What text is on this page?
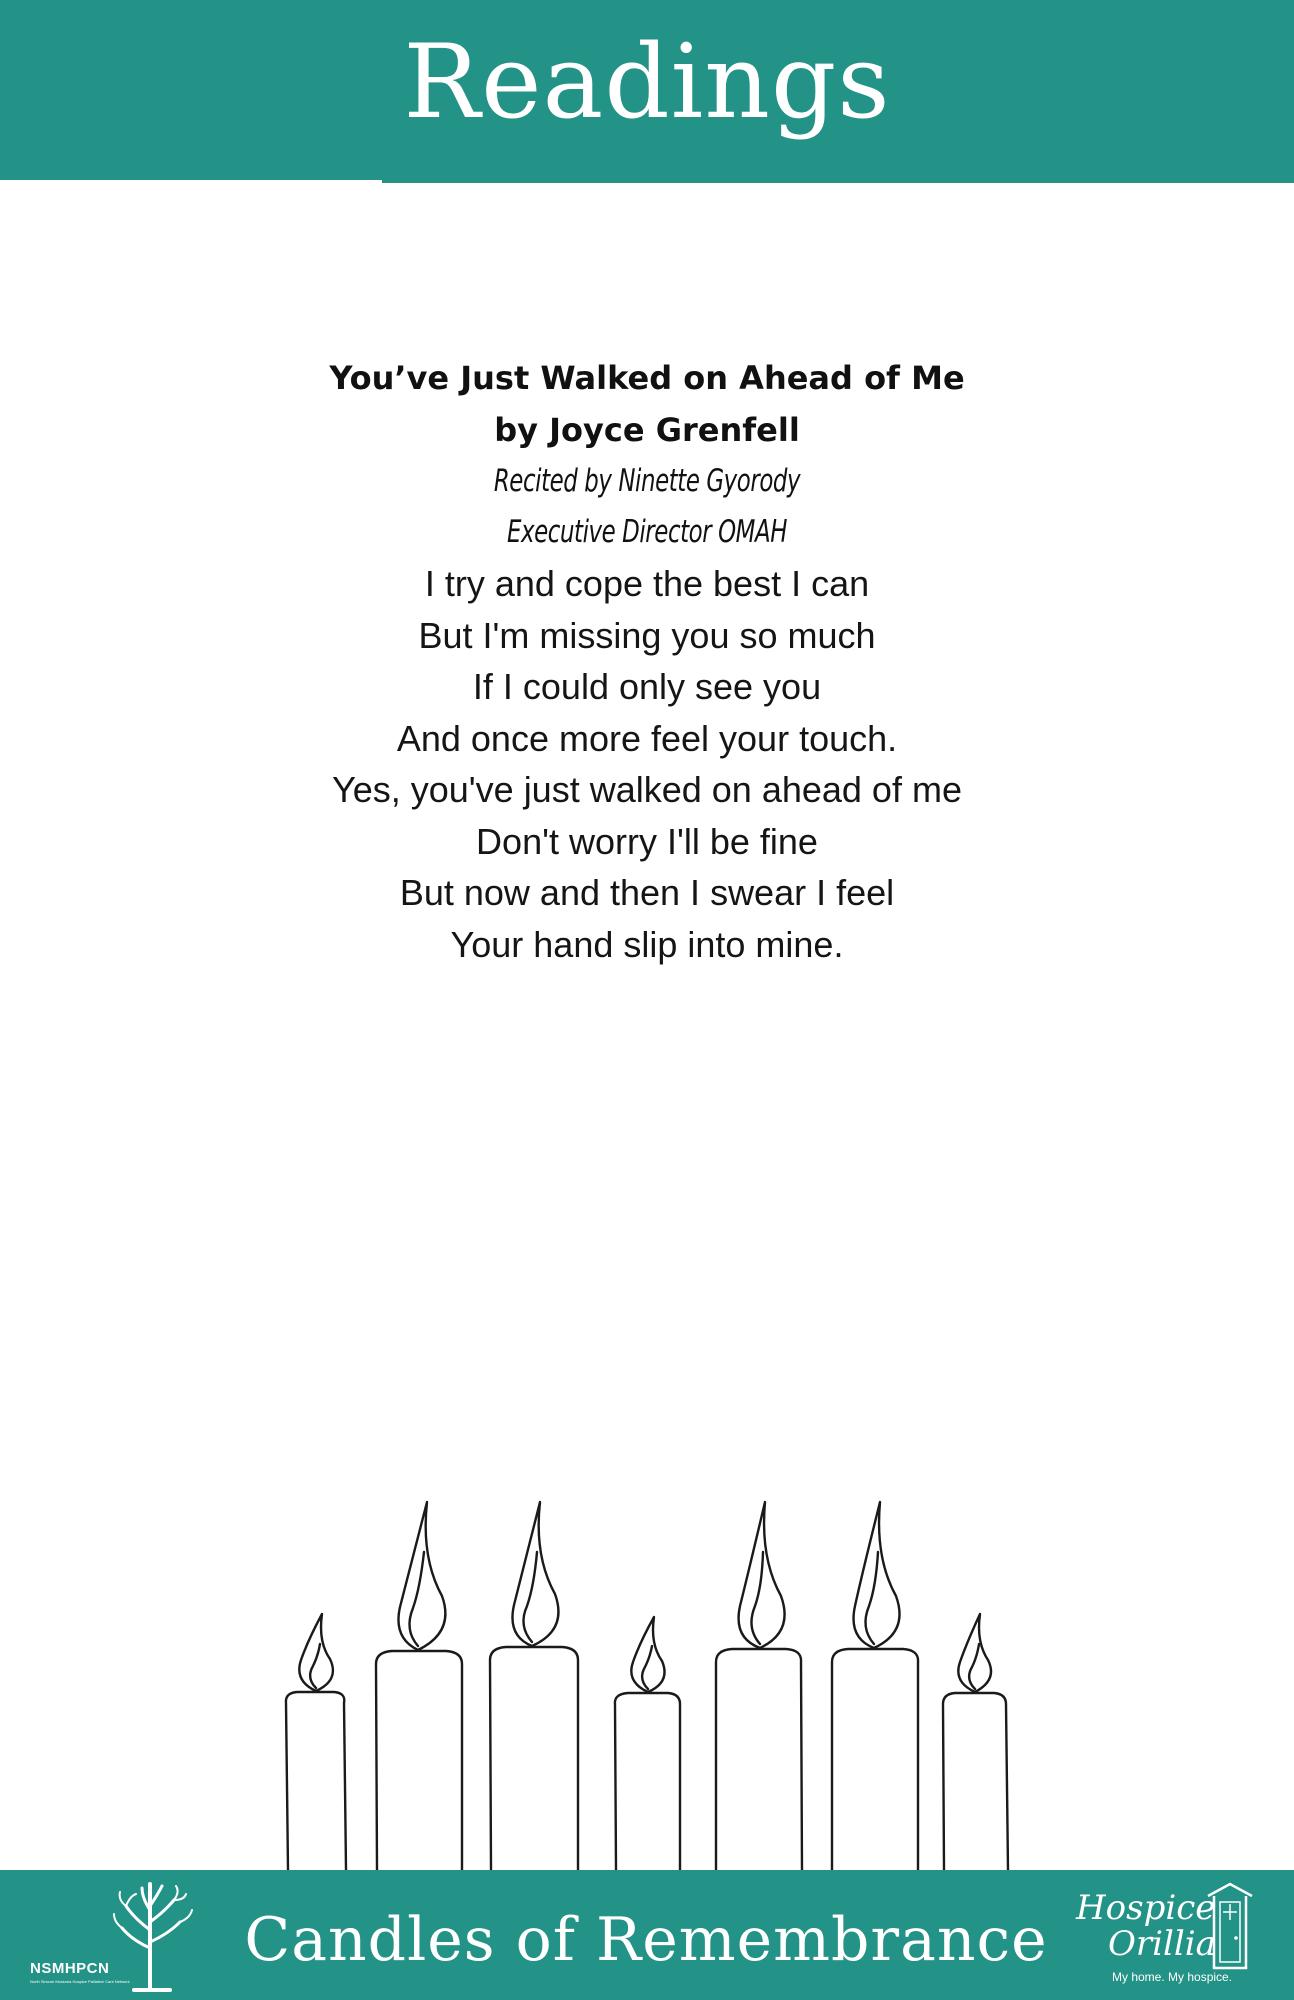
Readings

You’ve Just Walked on Ahead of Me

by Joyce Grenfell

Recited by Ninette Gyorody

Executive Director OMAH

I try and cope the best I can
But I'm missing you so much
If I could only see you
And once more feel your touch.
Yes, you've just walked on ahead of me
Don't worry I'll be fine
But now and then I swear I feel
Your hand slip into mine.
NSMHPCN
North Simcoe Muskoka Hospice Palliative Care Network
Candles of Remembrance Hospice
Orillia
My home. My hospice.
